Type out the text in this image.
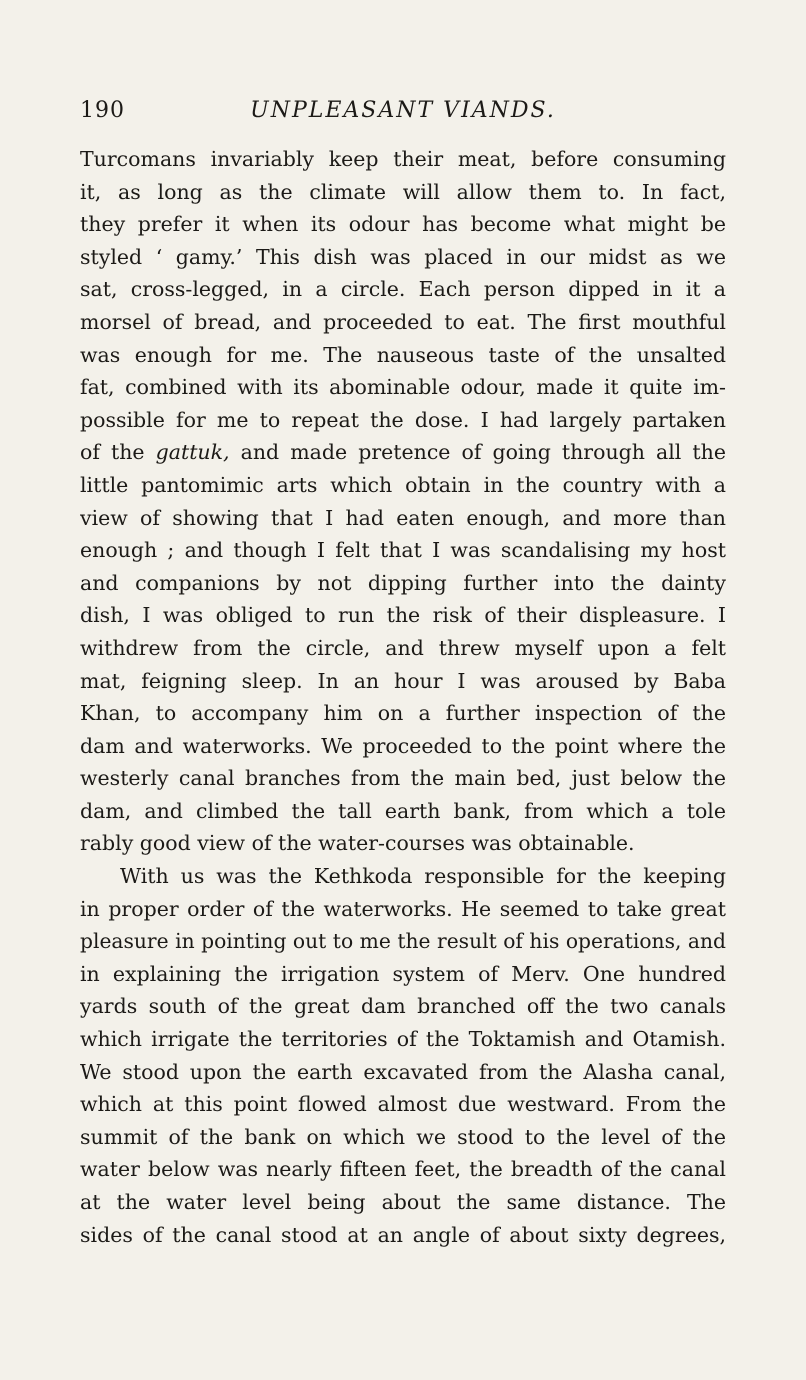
190	UNPLEASANT VIANDS.
Turcomans invariably keep their meat, before consuming
it, as long as the climate will allow them to. In fact,
they prefer it when its odour has become what might be
styled ‘ gamy.’ This dish was placed in our midst as we
sat, cross-legged, in a circle. Each person dipped in it a
morsel of bread, and proceeded to eat. The first mouthful
was enough for me. The nauseous taste of the unsalted
fat, combined with its abominable odour, made it quite im-
possible for me to repeat the dose. I had largely partaken
of the gattuk, and made pretence of going through all the
little pantomimic arts which obtain in the country with a
view of showing that I had eaten enough, and more than
enough ; and though I felt that I was scandalising my host
and companions by not dipping further into the dainty
dish, I was obliged to run the risk of their displeasure. I
withdrew from the circle, and threw myself upon a felt
mat, feigning sleep. In an hour I was aroused by Baba
Khan, to accompany him on a further inspection of the
dam and waterworks. We proceeded to the point where the
westerly canal branches from the main bed, just below the
dam, and climbed the tall earth bank, from which a tole
rably good view of the water-courses was obtainable.
With us was the Kethkoda responsible for the keeping
in proper order of the waterworks. He seemed to take great
pleasure in pointing out to me the result of his operations, and
in explaining the irrigation system of Merv. One hundred
yards south of the great dam branched off the two canals
which irrigate the territories of the Toktamish and Otamish.
We stood upon the earth excavated from the Alasha canal,
which at this point flowed almost due westward. From the
summit of the bank on which we stood to the level of the
water below was nearly fifteen feet, the breadth of the canal
at the water level being about the same distance. The
sides of the canal stood at an angle of about sixty degrees,
